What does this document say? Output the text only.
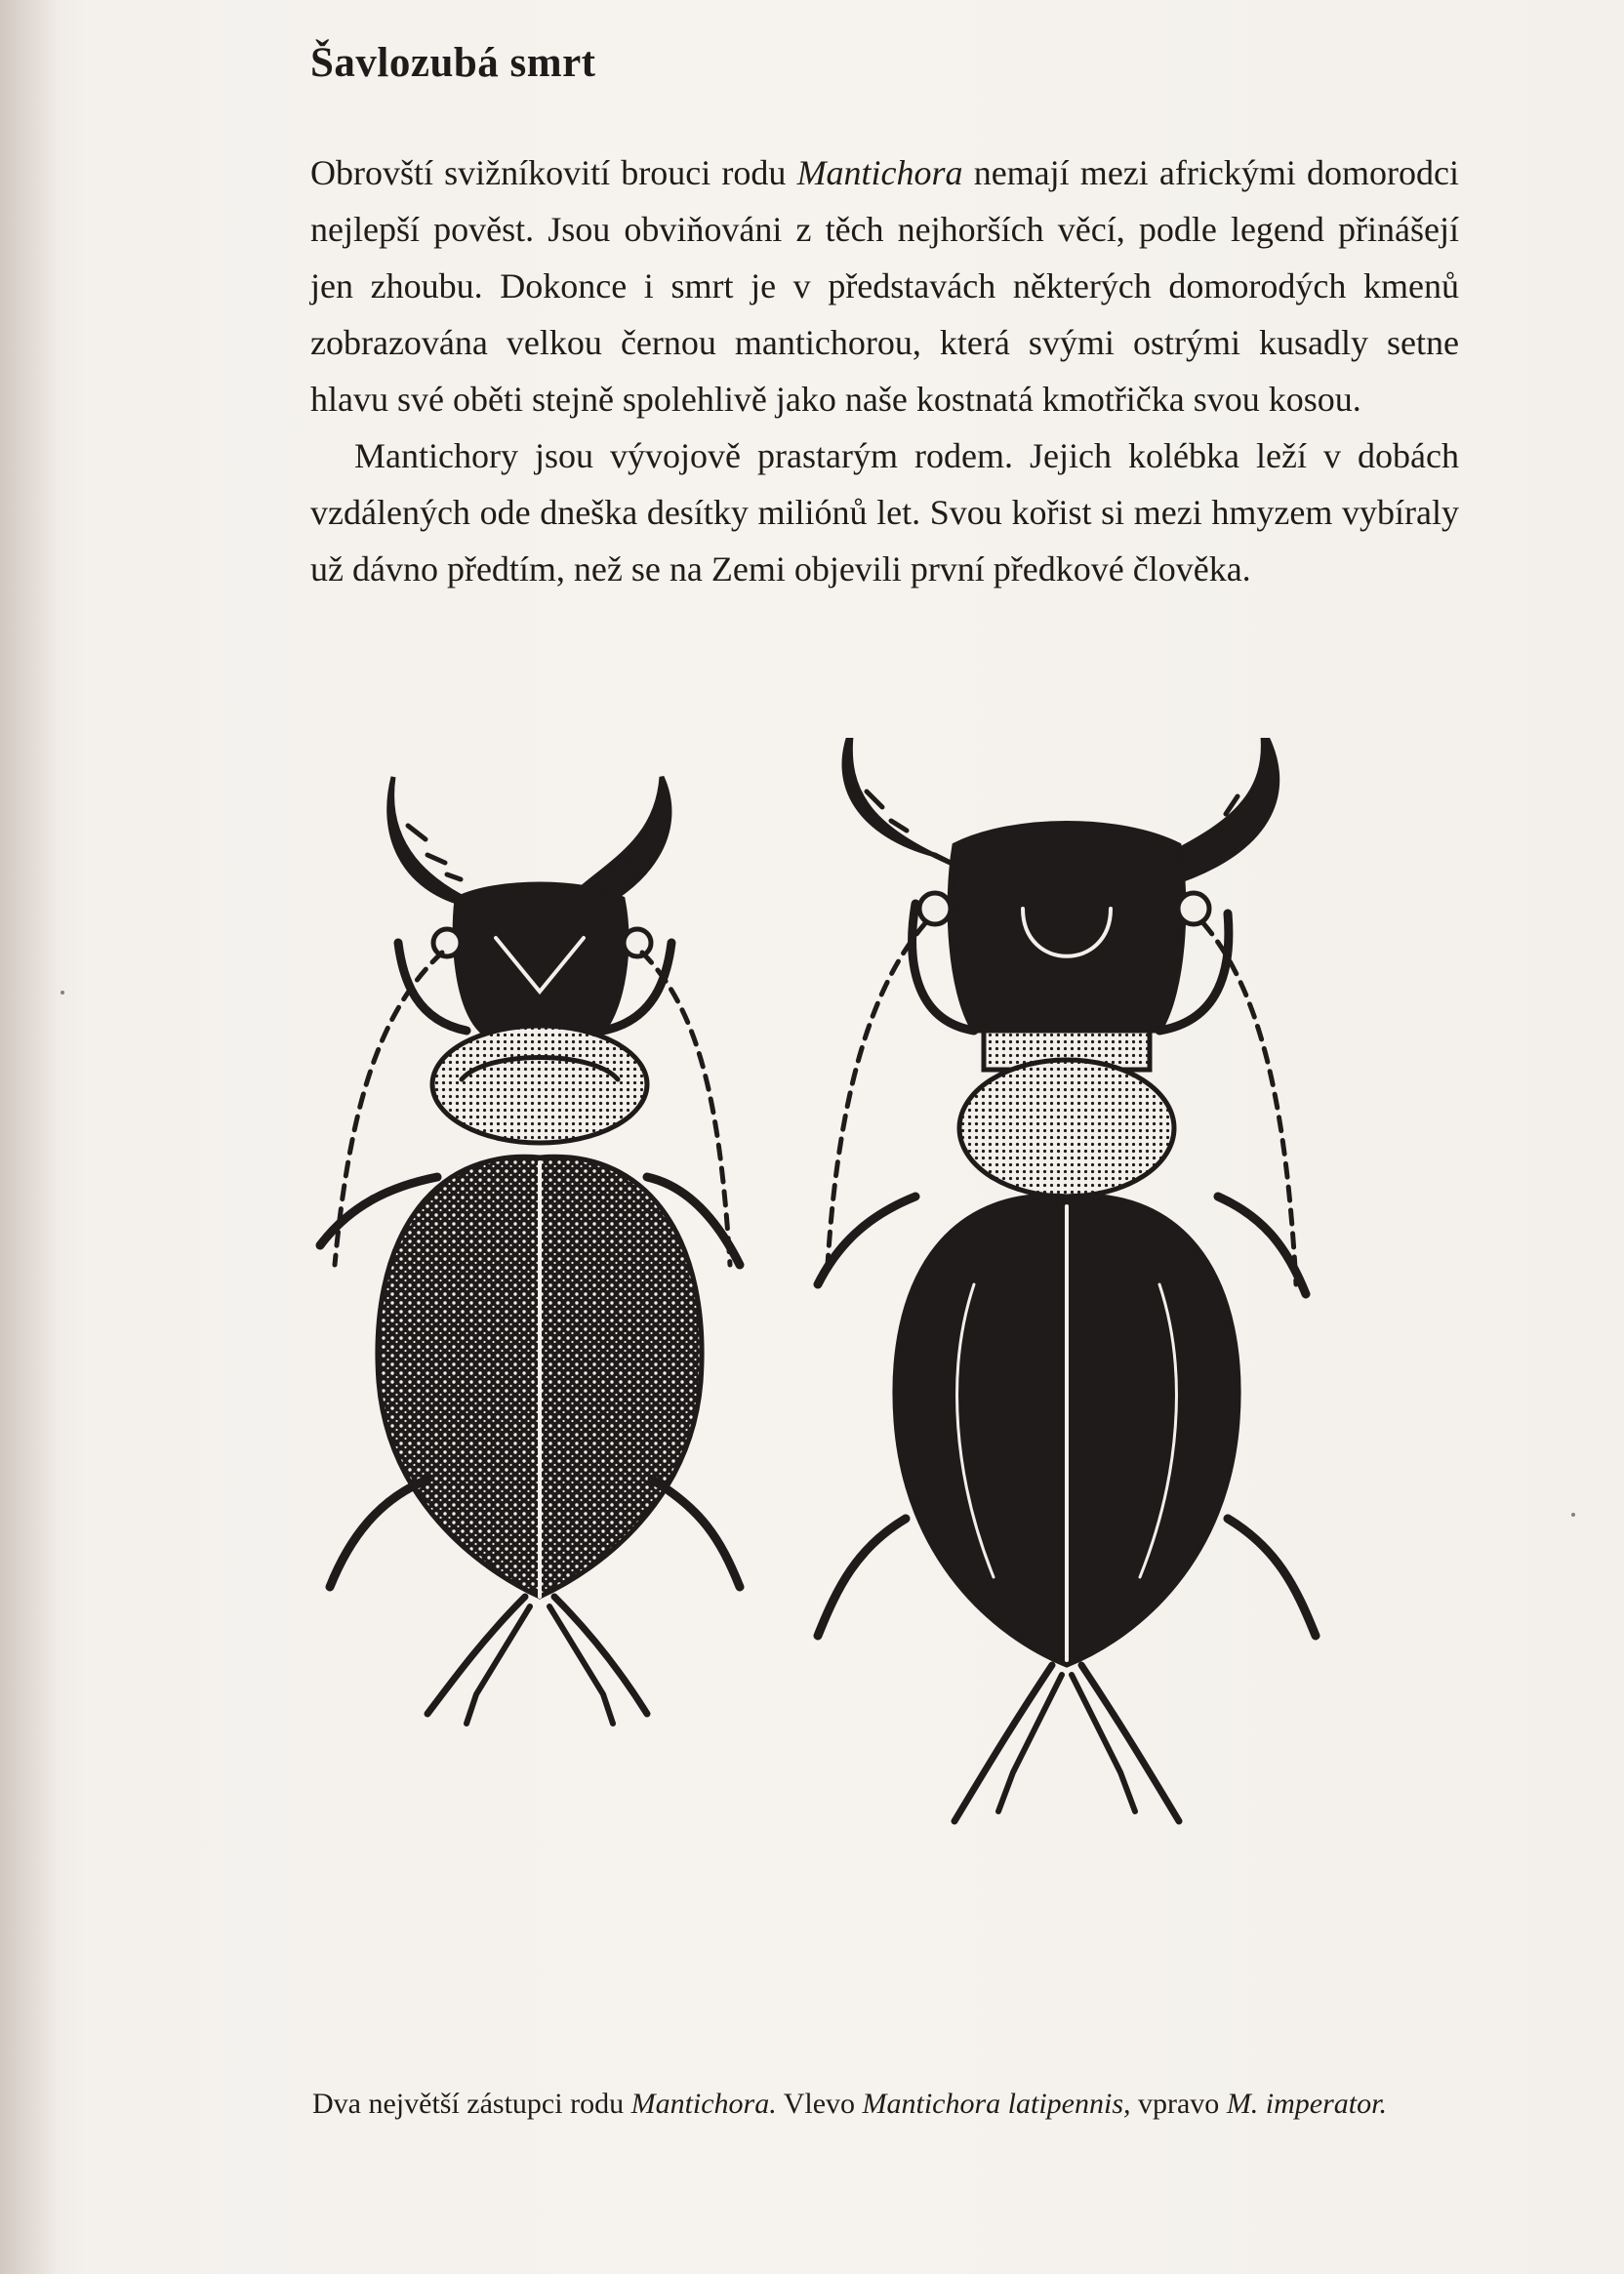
Šavlozubá smrt

Obrovští svižníkovití brouci rodu Mantichora nemají mezi africkými domorodci nejlepší pověst. Jsou obviňováni z těch nejhorších věcí, podle legend přinášejí jen zhoubu. Dokonce i smrt je v představách některých domorodých kmenů zobrazována velkou černou mantichorou, která svými ostrými kusadly setne hlavu své oběti stejně spolehlivě jako naše kostnatá kmotřička svou kosou.

Mantichory jsou vývojově prastarým rodem. Jejich kolébka leží v dobách vzdálených ode dneška desítky miliónů let. Svou kořist si mezi hmyzem vybíraly už dávno předtím, než se na Zemi objevili první předkové člověka.

Dva největší zástupci rodu Mantichora. Vlevo Mantichora latipennis, vpravo M. imperator.
